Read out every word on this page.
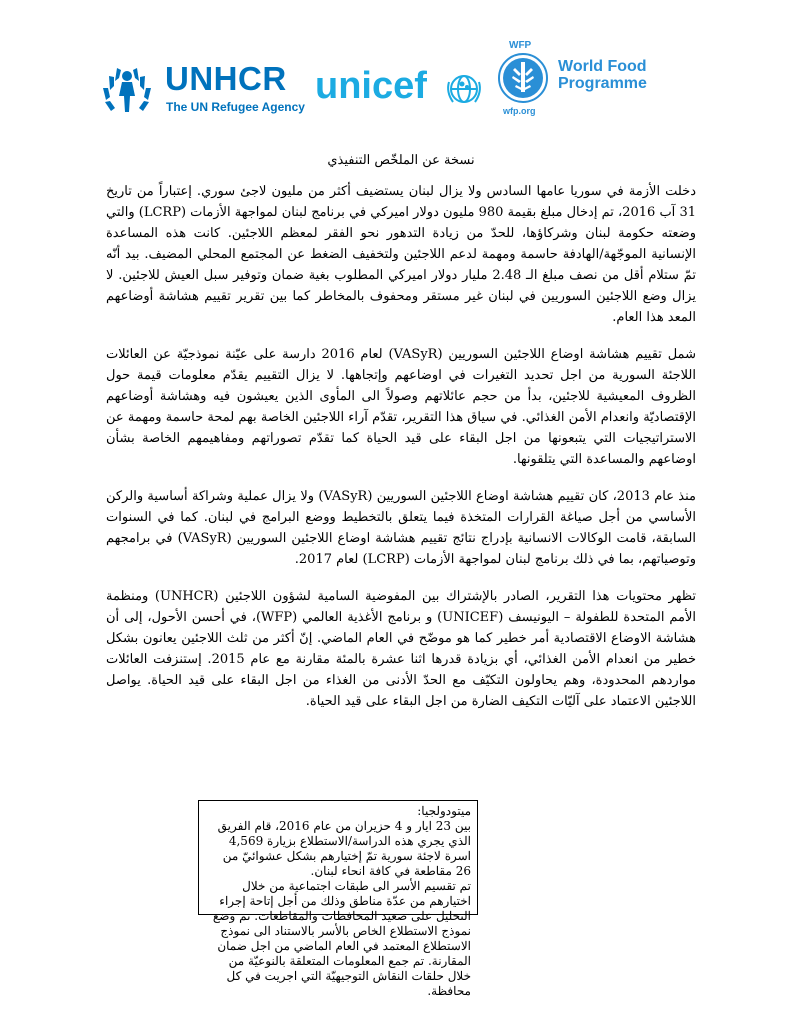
UNHCR
The UN Refugee Agency unicef
WFP
wfp.org
World Food
Programme

نسخة عن الملخّص التنفيذي

دخلت الأزمة في سوريا عامها السادس ولا يزال لبنان يستضيف أكثر من مليون لاجئ سوري. إعتباراً من تاريخ 31 آب 2016، تم إدخال مبلغ بقيمة 980 مليون دولار اميركي في برنامج لبنان لمواجهة الأزمات (LCRP) والتي وضعته حكومة لبنان وشركاؤها، للحدّ من زيادة التدهور نحو الفقر لمعظم اللاجئين. كانت هذه المساعدة الإنسانية الموجّهة/الهادفة حاسمة ومهمة لدعم اللاجئين ولتخفيف الضغط عن المجتمع المحلي المضيف. بيد أنّه تمّ ستلام أقل من نصف مبلغ الـ 2.48 مليار دولار اميركي المطلوب بغية ضمان وتوفير سبل العيش للاجئين. لا يزال وضع اللاجئين السوريين في لبنان غير مستقر ومحفوف بالمخاطر كما بين تقرير تقييم هشاشة أوضاعهم المعد هذا العام.

شمل تقييم هشاشة اوضاع اللاجئين السوريين (VASyR) لعام 2016 دارسة على عيّنة نموذجيّة عن العائلات اللاجئة السورية من اجل تحديد التغيرات في اوضاعهم وإتجاهها. لا يزال التقييم يقدّم معلومات قيمة حول الظروف المعيشية للاجئين، بدأ من حجم عائلاتهم وصولاً الى المأوى الذين يعيشون فيه وهشاشة أوضاعهم الإقتصاديّة وانعدام الأمن الغذائي. في سياق هذا التقرير، تقدّم آراء اللاجئين الخاصة بهم لمحة حاسمة ومهمة عن الاستراتيجيات التي يتبعونها من اجل البقاء على قيد الحياة كما تقدّم تصوراتهم ومفاهيمهم الخاصة بشأن اوضاعهم والمساعدة التي يتلقونها.

منذ عام 2013، كان تقييم هشاشة اوضاع اللاجئين السوريين (VASyR) ولا يزال عملية وشراكة أساسية والركن الأساسي من أجل صياغة القرارات المتخذة فيما يتعلق بالتخطيط ووضع البرامج في لبنان. كما في السنوات السابقة، قامت الوكالات الانسانية بإدراج نتائج تقييم هشاشة اوضاع اللاجئين السوريين (VASyR) في برامجهم وتوصياتهم، بما في ذلك برنامج لبنان لمواجهة الأزمات (LCRP) لعام 2017.

تظهر محتويات هذا التقرير، الصادر بالإشتراك بين المفوضية السامية لشؤون اللاجئين (UNHCR) ومنظمة الأمم المتحدة للطفولة – اليونيسف (UNICEF) و برنامج الأغذية العالمي (WFP)، في أحسن الأحول، إلى أن هشاشة الاوضاع الاقتصادية أمر خطير كما هو موضّح في العام الماضي. إنّ أكثر من ثلث اللاجئين يعانون بشكل خطير من انعدام الأمن الغذائي، أي بزيادة قدرها اثنا عشرة بالمئة مقارنة مع عام 2015. إستنزفت العائلات مواردهم المحدودة، وهم يحاولون التكيّف مع الحدّ الأدنى من الغذاء من اجل البقاء على قيد الحياة. يواصل اللاجئين الاعتماد على آليّات التكيف الضارة من اجل البقاء على قيد الحياة.

ميتودولجيا:

بين 23 ايار و 4 حزيران من عام 2016، قام الفريق الذي يجري هذه الدراسة/الاستطلاع بزيارة 4,569 اسرة لاجئة سورية تمّ إختيارهم بشكل عشوائيّ من 26 مقاطعة في كافة انحاء لبنان.

تم تقسيم الأسر الى طبقات اجتماعية من خلال اختيارهم من عدّة مناطق وذلك من أجل إتاحة إجراء التحليل على صعيد المحافظات والمقاطعات. تم وضع نموذج الاستطلاع الخاص بالأسر بالاستناد الى نموذج الاستطلاع المعتمد في العام الماضي من اجل ضمان المقارنة. تم جمع المعلومات المتعلقة بالنوعيّة من خلال حلقات النقاش التوجيهيّة التي اجريت في كل محافظة.
